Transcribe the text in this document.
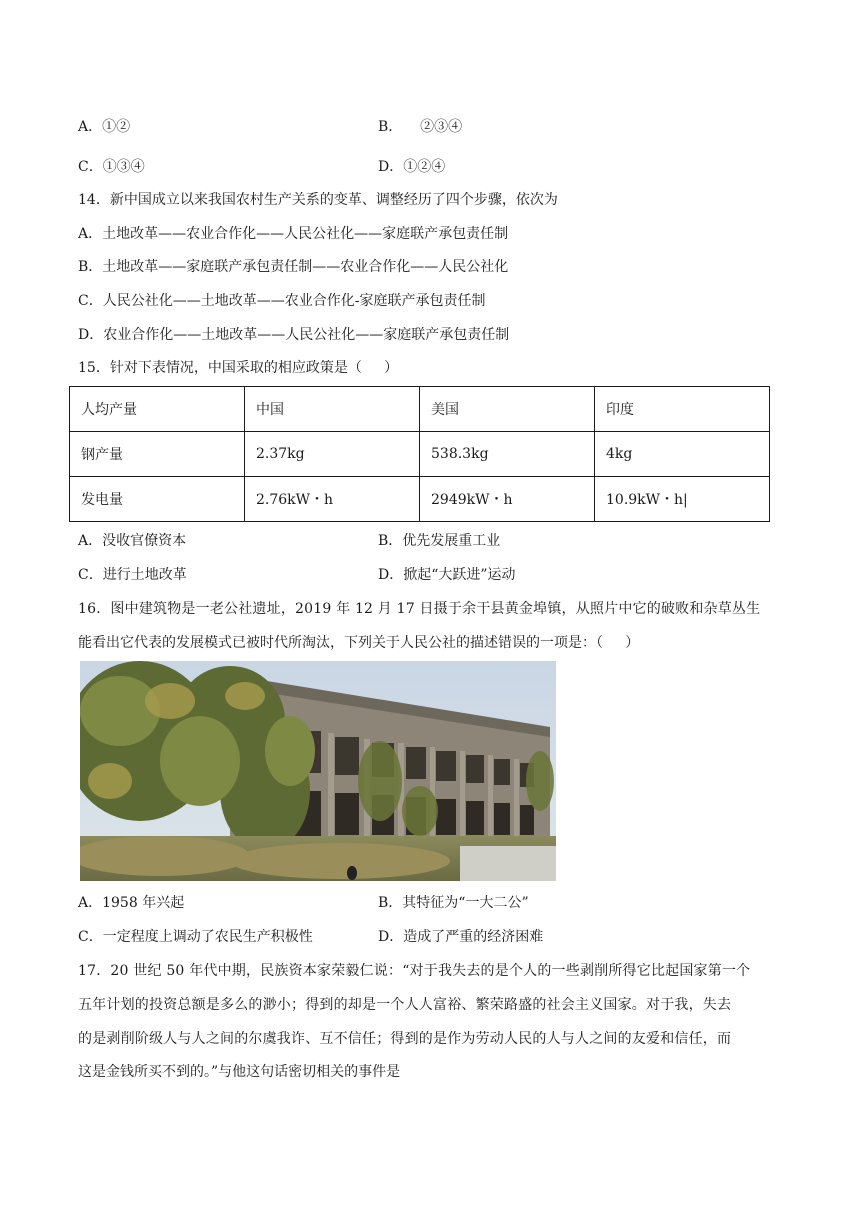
A．①②	B．    ②③④
C．①③④	D．①②④
14．新中国成立以来我国农村生产关系的变革、调整经历了四个步骤，依次为
A．土地改革——农业合作化——人民公社化——家庭联产承包责任制
B．土地改革——家庭联产承包责任制——农业合作化——人民公社化
C．人民公社化——土地改革——农业合作化-家庭联产承包责任制
D．农业合作化——土地改革——人民公社化——家庭联产承包责任制
15．针对下表情况，中国采取的相应政策是（     ）
人均产量	中国	美国	印度
钢产量	2.37kg	538.3kg	4kg
发电量	2.76kW・h	2949kW・h	10.9kW・h|
A．没收官僚资本	B．优先发展重工业
C．进行土地改革	D．掀起“大跃进”运动
16．图中建筑物是一老公社遗址，2019 年 12 月 17 日摄于余干县黄金埠镇，从照片中它的破败和杂草丛生
能看出它代表的发展模式已被时代所淘汰，下列关于人民公社的描述错误的一项是：（     ）
A．1958 年兴起	B．其特征为“一大二公”
C．一定程度上调动了农民生产积极性	D．造成了严重的经济困难
17．20 世纪 50 年代中期，民族资本家荣毅仁说：“对于我失去的是个人的一些剥削所得它比起国家第一个
五年计划的投资总额是多么的渺小；得到的却是一个人人富裕、繁荣路盛的社会主义国家。对于我，失去
的是剥削阶级人与人之间的尔虞我诈、互不信任；得到的是作为劳动人民的人与人之间的友爱和信任，而
这是金钱所买不到的。”与他这句话密切相关的事件是
